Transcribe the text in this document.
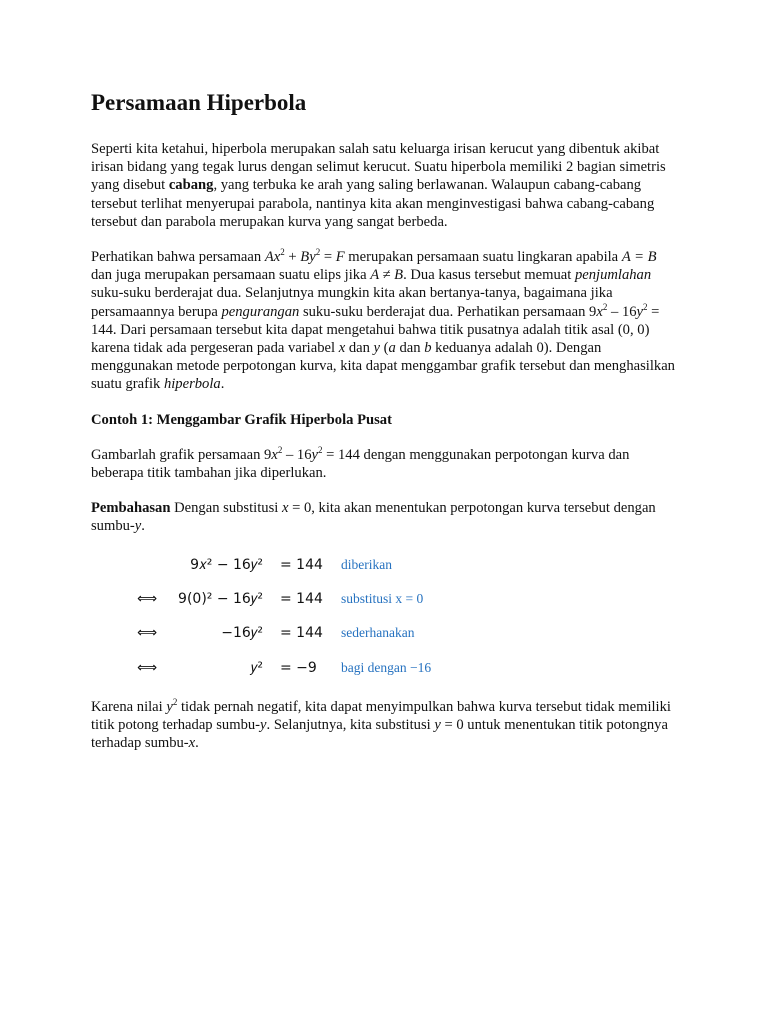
Persamaan Hiperbola

Seperti kita ketahui, hiperbola merupakan salah satu keluarga irisan kerucut yang dibentuk akibat irisan bidang yang tegak lurus dengan selimut kerucut. Suatu hiperbola memiliki 2 bagian simetris yang disebut cabang, yang terbuka ke arah yang saling berlawanan. Walaupun cabang-cabang tersebut terlihat menyerupai parabola, nantinya kita akan menginvestigasi bahwa cabang-cabang tersebut dan parabola merupakan kurva yang sangat berbeda.

Perhatikan bahwa persamaan $Ax^2 + By^2 = F$ merupakan persamaan suatu lingkaran apabila A = B dan juga merupakan persamaan suatu elips jika A ≠ B. Dua kasus tersebut memuat penjumlahan suku-suku berderajat dua. Selanjutnya mungkin kita akan bertanya-tanya, bagaimana jika persamaannya berupa pengurangan suku-suku berderajat dua. Perhatikan persamaan $9x^2 - 16y^2 = 144$. Dari persamaan tersebut kita dapat mengetahui bahwa titik pusatnya adalah titik asal (0, 0) karena tidak ada pergeseran pada variabel x dan y (a dan b keduanya adalah 0). Dengan menggunakan metode perpotongan kurva, kita dapat menggambar grafik tersebut dan menghasilkan suatu grafik hiperbola.

Contoh 1: Menggambar Grafik Hiperbola Pusat

Gambarlah grafik persamaan $9x^2 - 16y^2 = 144$ dengan menggunakan perpotongan kurva dan beberapa titik tambahan jika diperlukan.

Pembahasan Dengan substitusi x = 0, kita akan menentukan perpotongan kurva tersebut dengan sumbu-y.

9𝑥² − 16𝑦² = 144 diberikan
⟺ 9(0)² − 16𝑦² = 144 substitusi x = 0
⟺	−16𝑦² = 144 sederhanakan
⟺	𝑦² = −9 bagi dengan −16

Karena nilai $y^2$ tidak pernah negatif, kita dapat menyimpulkan bahwa kurva tersebut tidak memiliki titik potong terhadap sumbu-y. Selanjutnya, kita substitusi y = 0 untuk menentukan titik potongnya terhadap sumbu-x.
